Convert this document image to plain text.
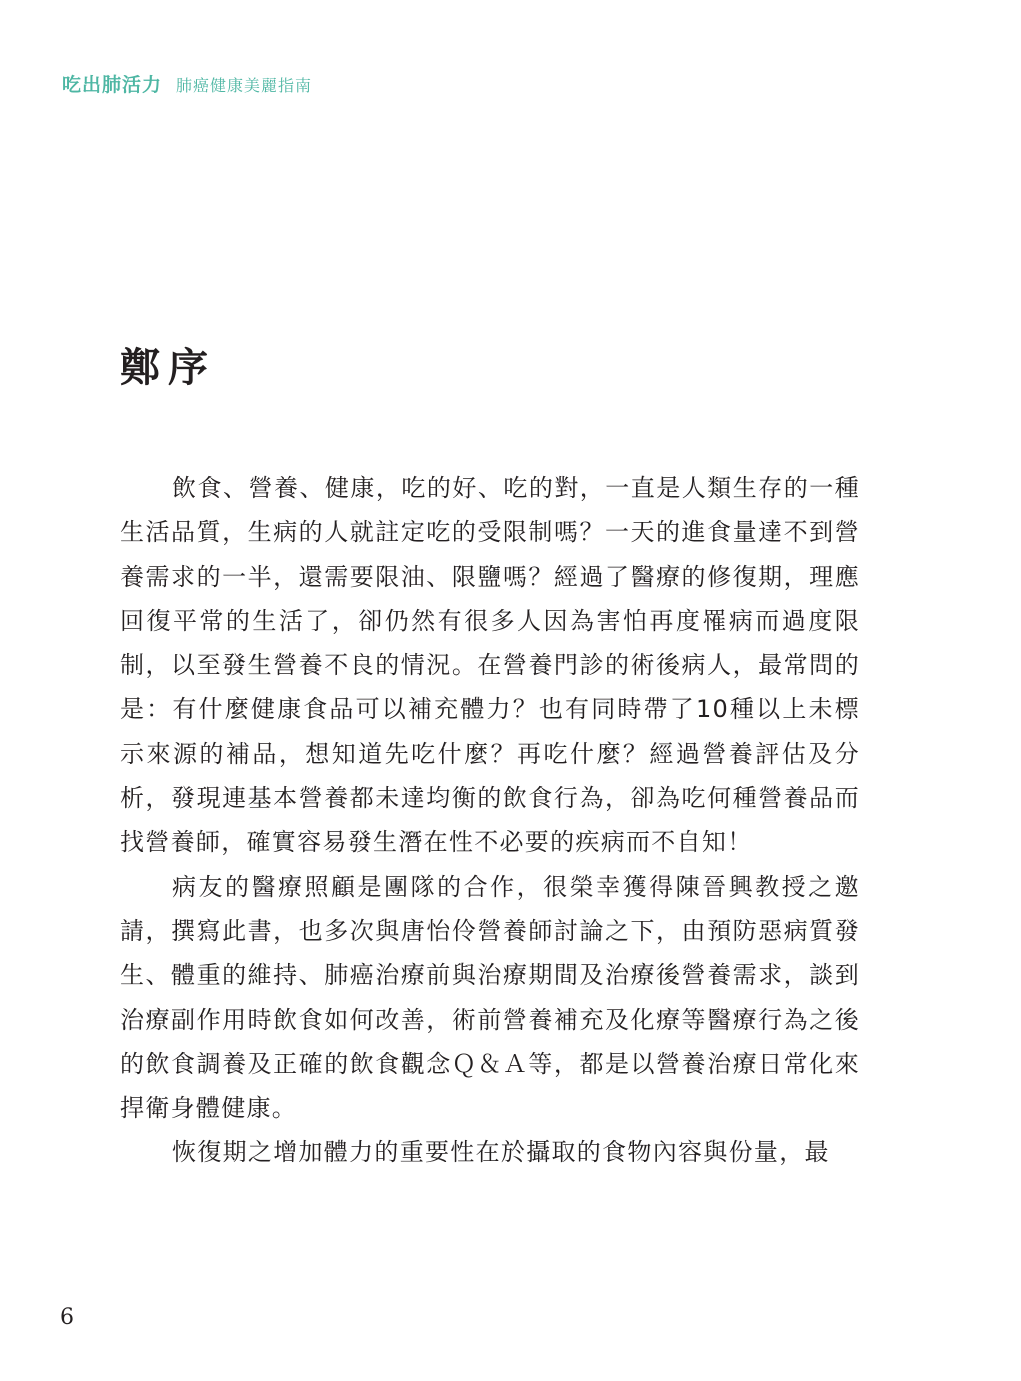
吃出肺活力 肺癌健康美麗指南
鄭序

飲食、營養、健康，吃的好、吃的對，一直是人類生存的一種生活品質，生病的人就註定吃的受限制嗎？一天的進食量達不到營養需求的一半，還需要限油、限鹽嗎？經過了醫療的修復期，理應回復平常的生活了，卻仍然有很多人因為害怕再度罹病而過度限制，以至發生營養不良的情況。在營養門診的術後病人，最常問的是：有什麼健康食品可以補充體力？也有同時帶了10種以上未標示來源的補品，想知道先吃什麼？再吃什麼？經過營養評估及分析，發現連基本營養都未達均衡的飲食行為，卻為吃何種營養品而找營養師，確實容易發生潛在性不必要的疾病而不自知！

病友的醫療照顧是團隊的合作，很榮幸獲得陳晉興教授之邀請，撰寫此書，也多次與唐怡伶營養師討論之下，由預防惡病質發生、體重的維持、肺癌治療前與治療期間及治療後營養需求，談到治療副作用時飲食如何改善，術前營養補充及化療等醫療行為之後的飲食調養及正確的飲食觀念Ｑ＆Ａ等，都是以營養治療日常化來捍衛身體健康。

恢復期之增加體力的重要性在於攝取的食物內容與份量，最

6
